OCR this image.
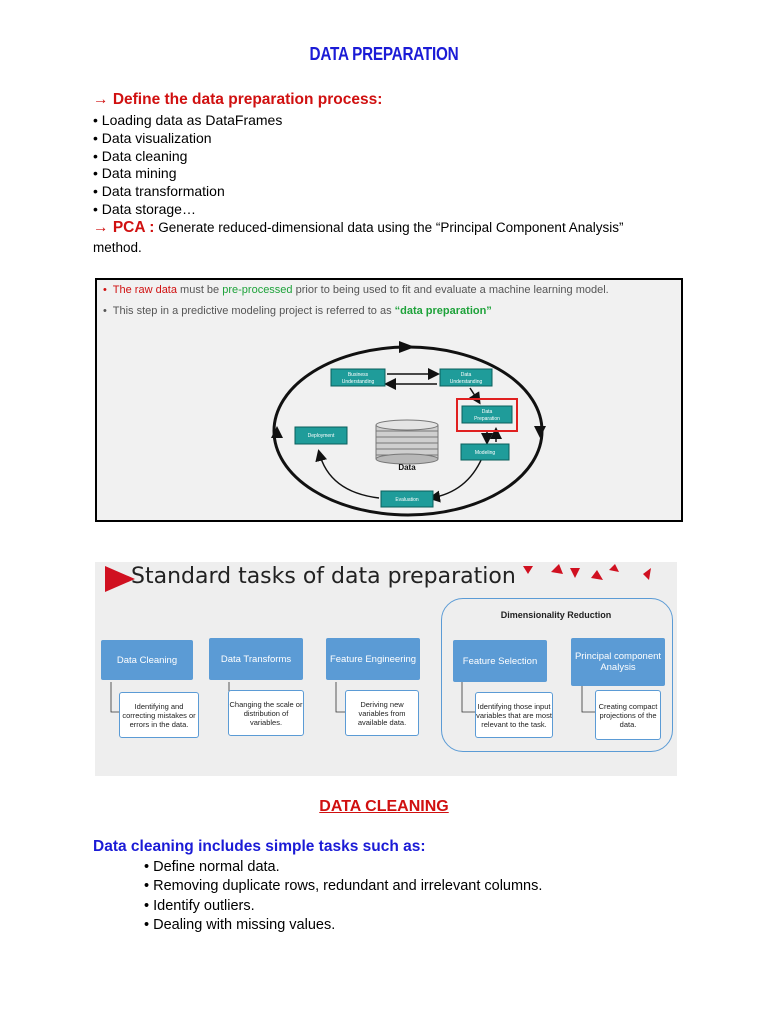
DATA PREPARATION
→ Define the data preparation process:
• Loading data as DataFrames
• Data visualization
• Data cleaning
• Data mining
• Data transformation
• Data storage…
→ PCA : Generate reduced-dimensional data using the “Principal Component Analysis” method.
• The raw data must be pre-processed prior to being used to fit and evaluate a machine learning model.
•  This step in a predictive modeling project is referred to as “data preparation”
Business
Understanding
Data
Understanding
Data
Preparation
Modeling
Evaluation
Deployment
Data
Standard tasks of data preparation
Dimensionality Reduction
Data Cleaning	Data Transforms	Feature Engineering	Feature Selection	Principal component Analysis
Identifying and correcting mistakes or errors in the data.
Changing the scale or distribution of variables.
Deriving new variables from available data.
Identifying those input variables that are most relevant to the task.
Creating compact projections of the data.
DATA CLEANING
Data cleaning includes simple tasks such as:
• Define normal data.
• Removing duplicate rows, redundant and irrelevant columns.
• Identify outliers.
• Dealing with missing values.
